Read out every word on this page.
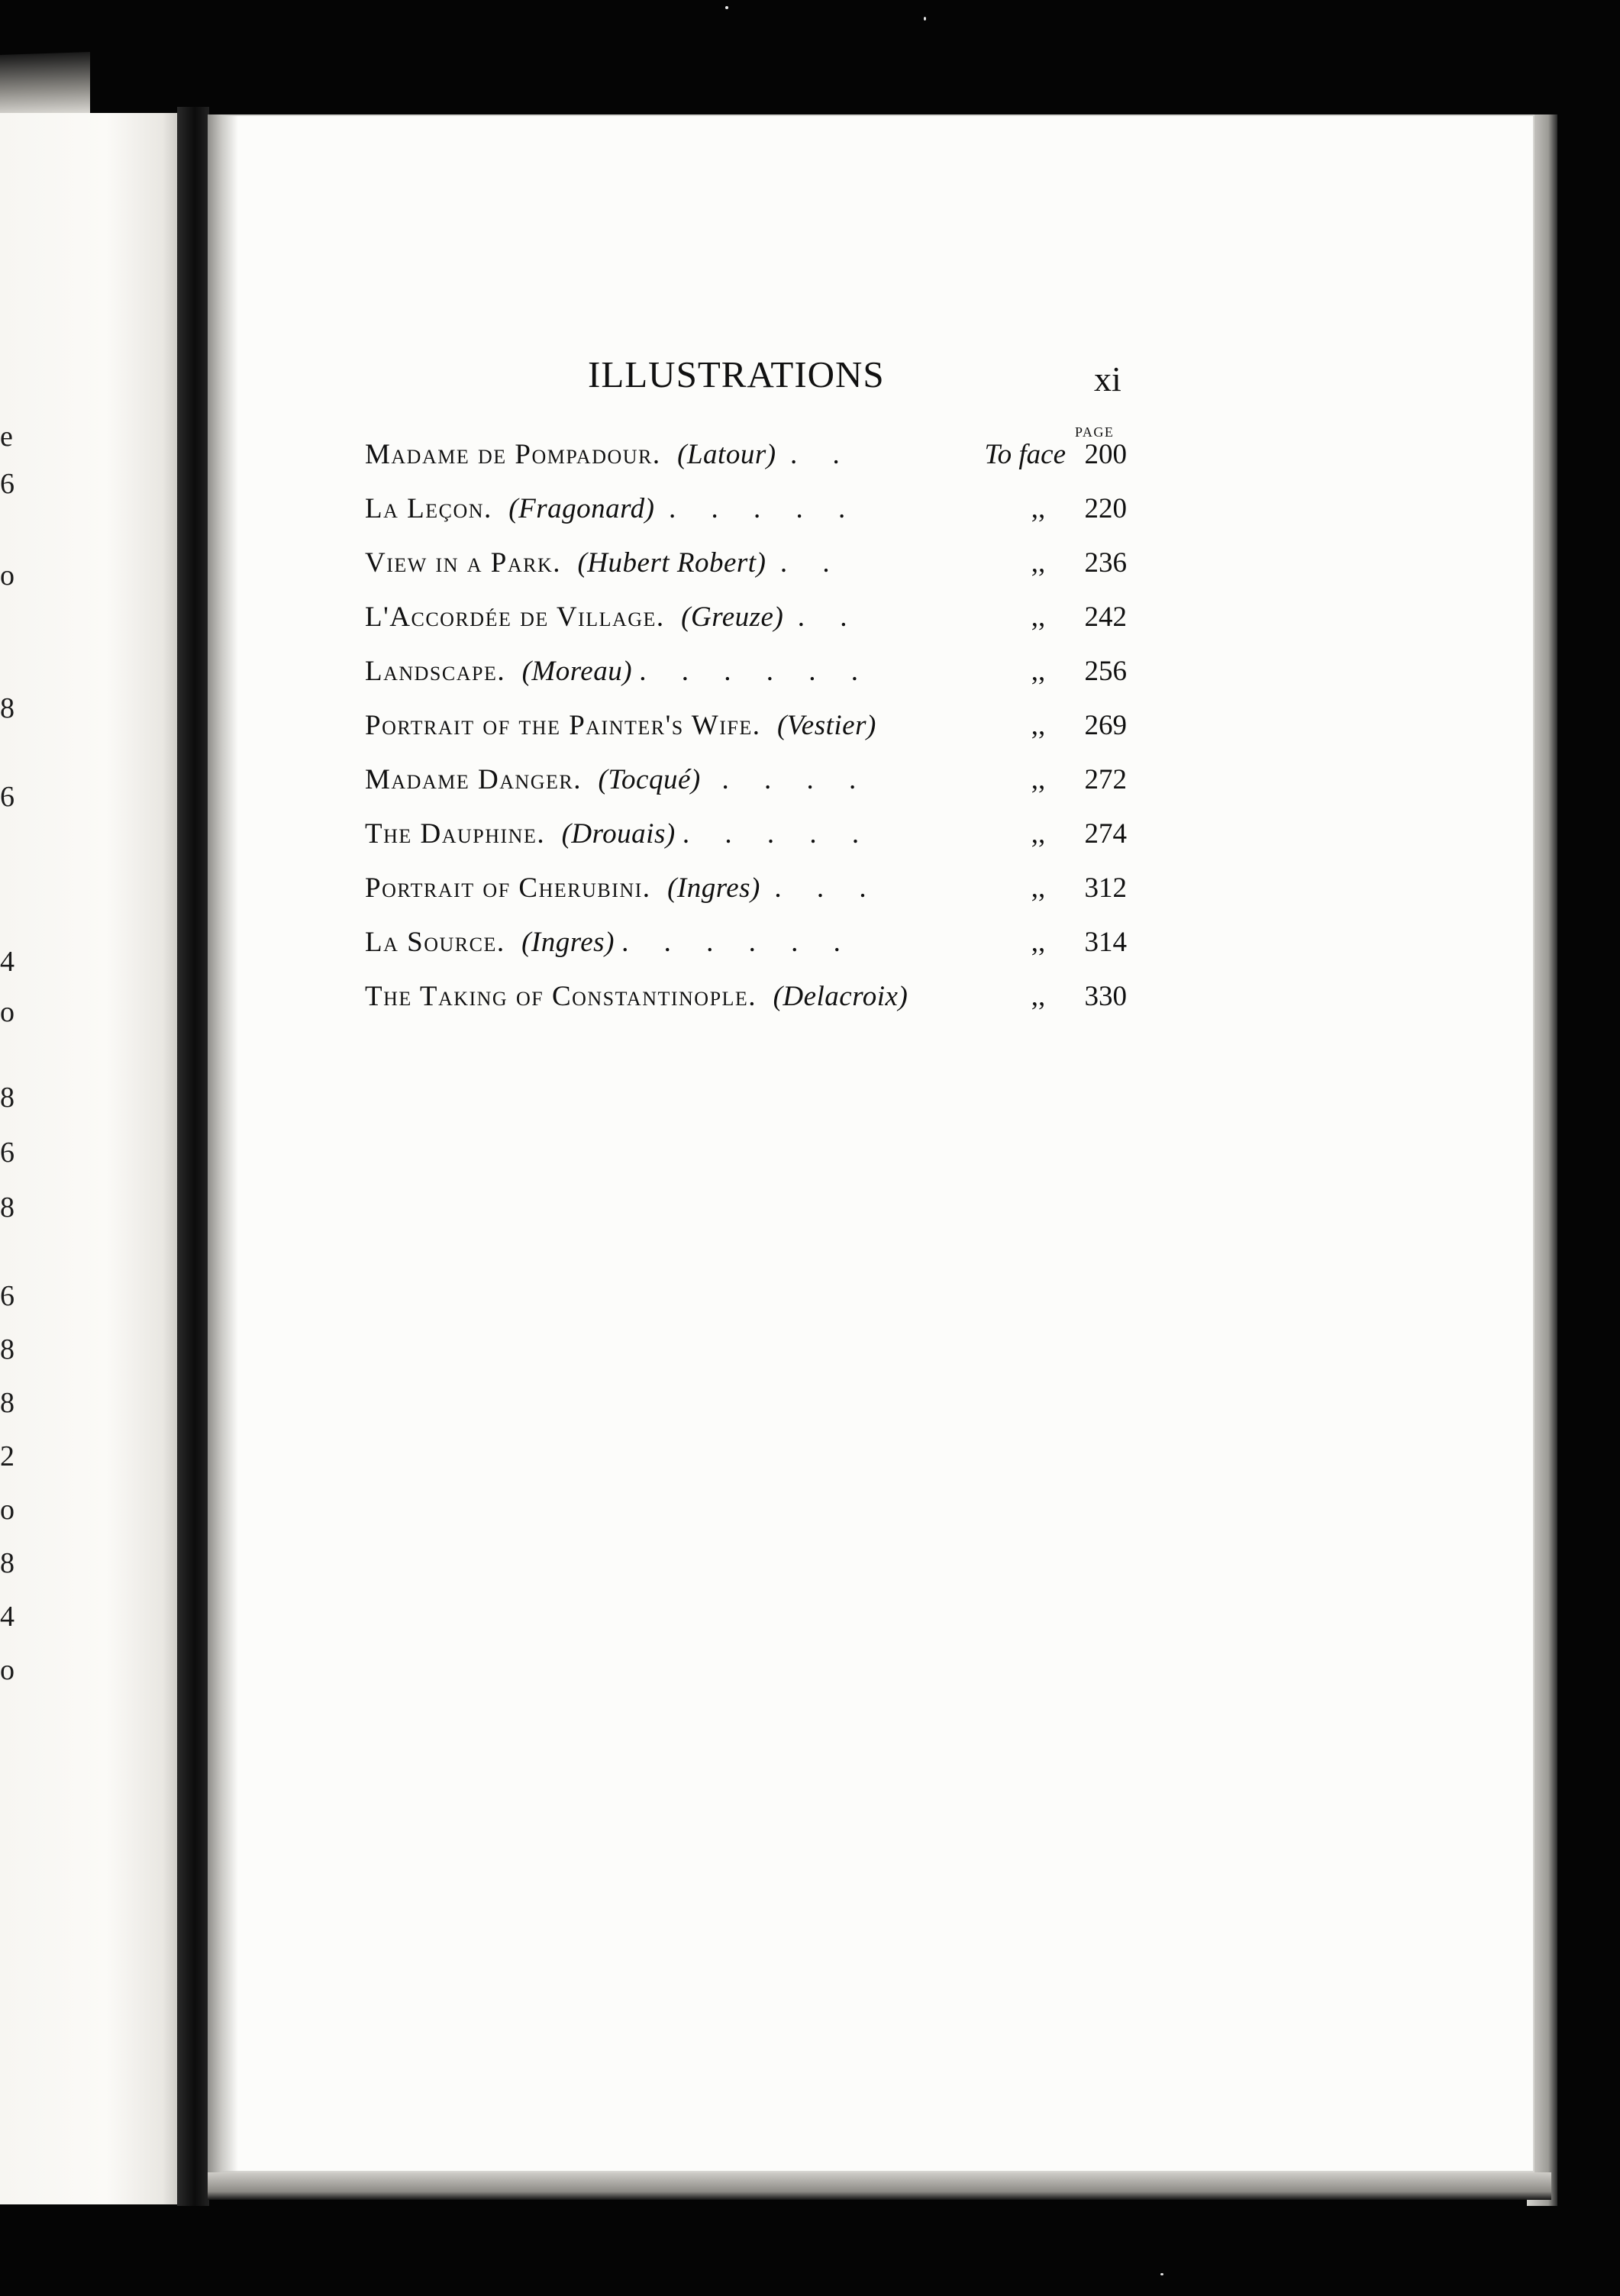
e
6
o
8
6
4
o
8
6
8
6
8
8
2
o
8
4
o
ILLUSTRATIONS	xi
PAGE
Madame de Pompadour. (Latour)  .     .	To face 200
La Leçon. (Fragonard)  .     .     .     .     .	,,	220
View in a Park. (Hubert Robert)  .     .	,,	236
L'Accordée de Village. (Greuze)  .     .	,,	242
Landscape. (Moreau) .     .     .     .     .     .	,,	256
Portrait of the Painter's Wife. (Vestier)	,,	269
Madame Danger. (Tocqué)   .     .     .     .	,,	272
The Dauphine. (Drouais) .     .     .     .     .	,,	274
Portrait of Cherubini. (Ingres)  .     .     .	,,	312
La Source. (Ingres) .     .     .     .     .     .	,,	314
The Taking of Constantinople. (Delacroix)	,,	330
